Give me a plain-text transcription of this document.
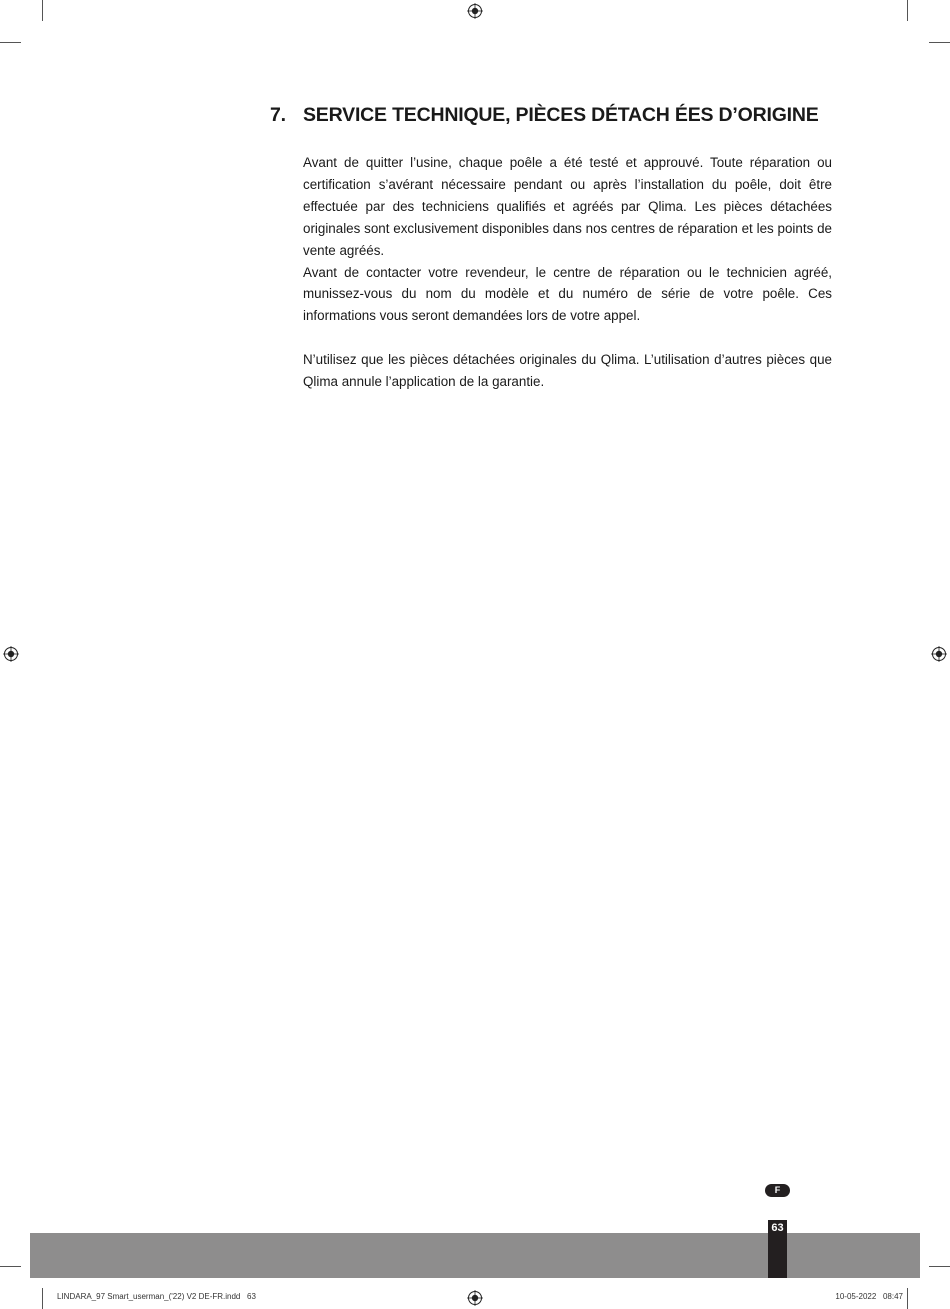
7. SERVICE TECHNIQUE, PIÈCES DÉTACH ÉES D’ORIGINE

Avant de quitter l’usine, chaque poêle a été testé et approuvé. Toute réparation ou certification s’avérant nécessaire pendant ou après l’installation du poêle, doit être effectuée par des techniciens qualifiés et agréés par Qlima. Les pièces détachées originales sont exclusivement disponibles dans nos centres de réparation et les points de vente agréés.

Avant de contacter votre revendeur, le centre de réparation ou le technicien agréé, munissez-vous du nom du modèle et du numéro de série de votre poêle. Ces informations vous seront demandées lors de votre appel.

N’utilisez que les pièces détachées originales du Qlima. L’utilisation d’autres pièces que Qlima annule l’application de la garantie.

F
63
LINDARA_97 Smart_userman_('22) V2 DE-FR.indd   63	10-05-2022   08:47
